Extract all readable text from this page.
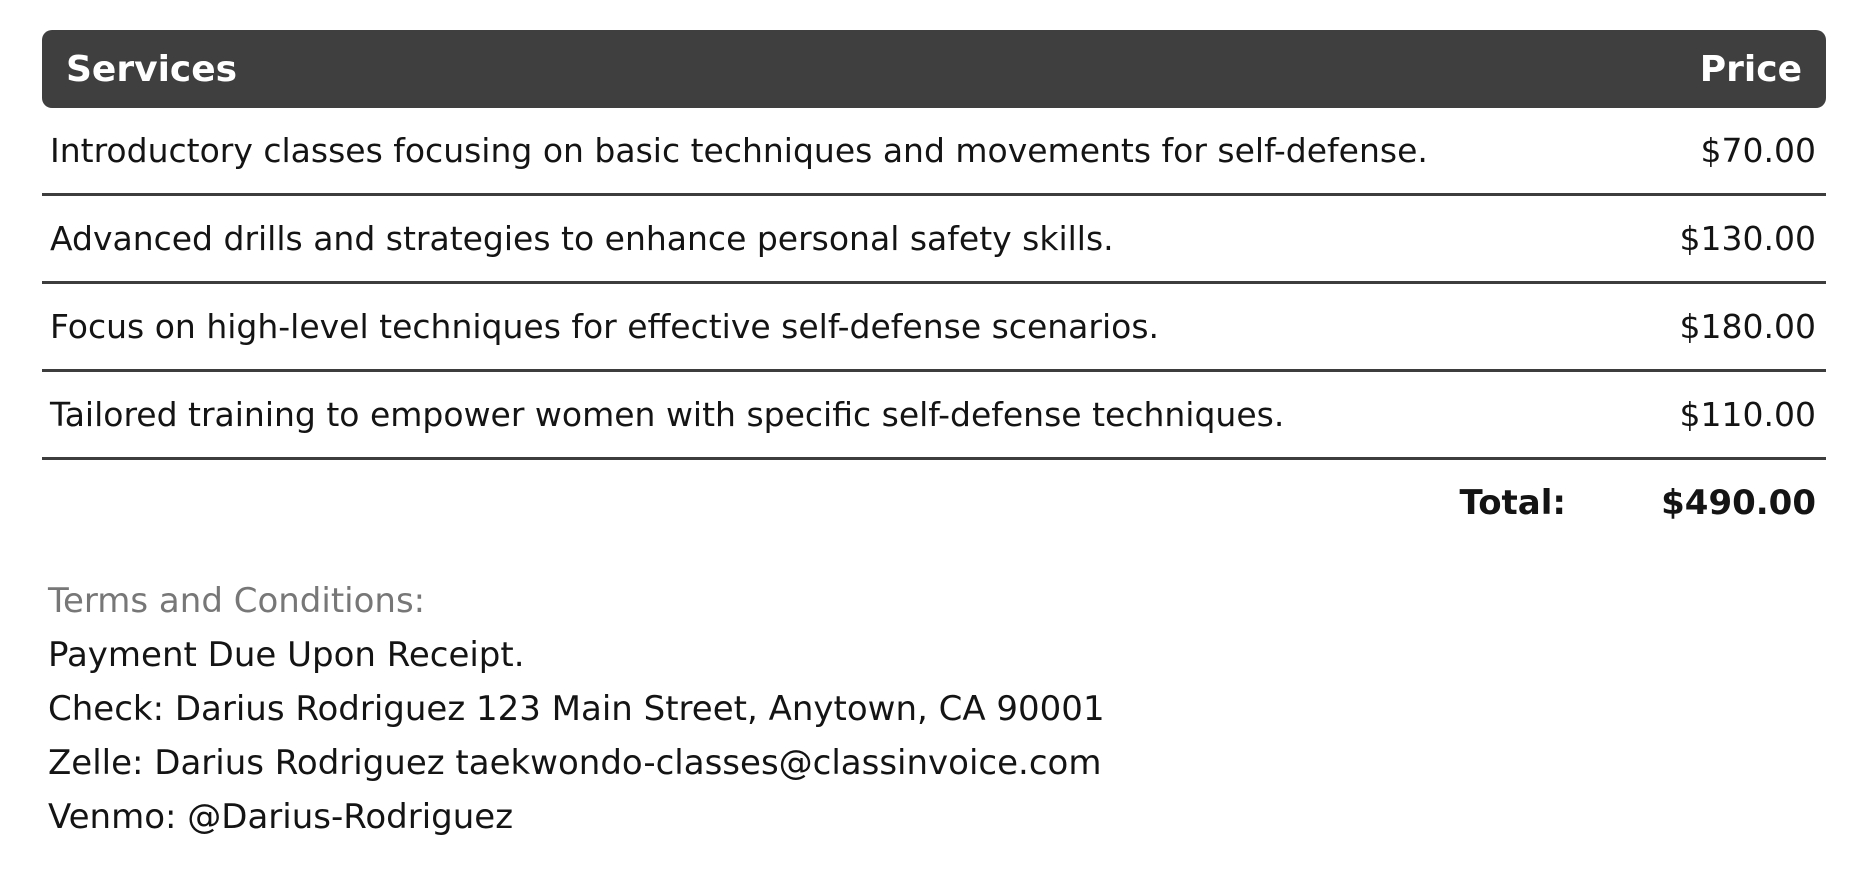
Services	Price
Introductory classes focusing on basic techniques and movements for self-defense.	$70.00
Advanced drills and strategies to enhance personal safety skills.	$130.00
Focus on high-level techniques for effective self-defense scenarios.	$180.00
Tailored training to empower women with specific self-defense techniques.	$110.00
Total:	$490.00
Terms and Conditions:
Payment Due Upon Receipt.
Check: Darius Rodriguez 123 Main Street, Anytown, CA 90001
Zelle: Darius Rodriguez taekwondo-classes@classinvoice.com
Venmo: @Darius-Rodriguez
